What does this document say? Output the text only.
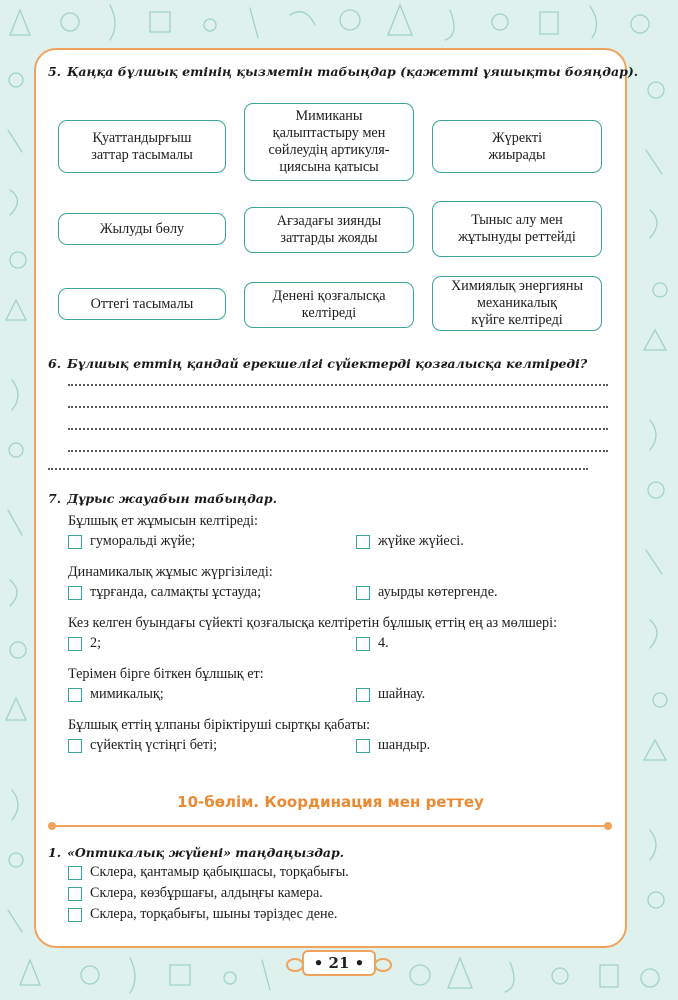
5. Қаңқа бұлшық етінің қызметін табыңдар (қажетті ұяшықты бояңдар).
Қуаттандырғыш
заттар тасымалы
Мимиканы
қалыптастыру мен
сөйлеудің артикуля-
циясына қатысы
Жүректі
жиырады
Жылуды бөлу	Ағзадағы зиянды
заттарды жояды
Тыныс алу мен
жұтынуды реттейді
Оттегі тасымалы	Денені қозғалысқа
келтіреді
Химиялық энергияны
механикалық
күйге келтіреді
6. Бұлшық еттің қандай ерекшелігі сүйектерді қозғалысқа келтіреді?
7. Дұрыс жауабын табыңдар.
Бұлшық ет жұмысын келтіреді:
гуморальді жүйе;	жүйке жүйесі.
Динамикалық жұмыс жүргізіледі:
тұрғанда, салмақты ұстауда;	ауырды көтергенде.
Кез келген буындағы сүйекті қозғалысқа келтіретін бұлшық еттің ең аз мөлшері:
2;	4.
Терімен бірге біткен бұлшық ет:
мимикалық;	шайнау.
Бұлшық еттің ұлпаны біріктіруші сыртқы қабаты:
сүйектің үстіңгі беті;	шандыр.
10-бөлім. Координация мен реттеу
1. «Оптикалық жүйені» таңдаңыздар.
Склера, қантамыр қабықшасы, торқабығы.
Склера, көзбұршағы, алдыңғы камера.
Склера, торқабығы, шыны тәріздес дене.
• 21 •
